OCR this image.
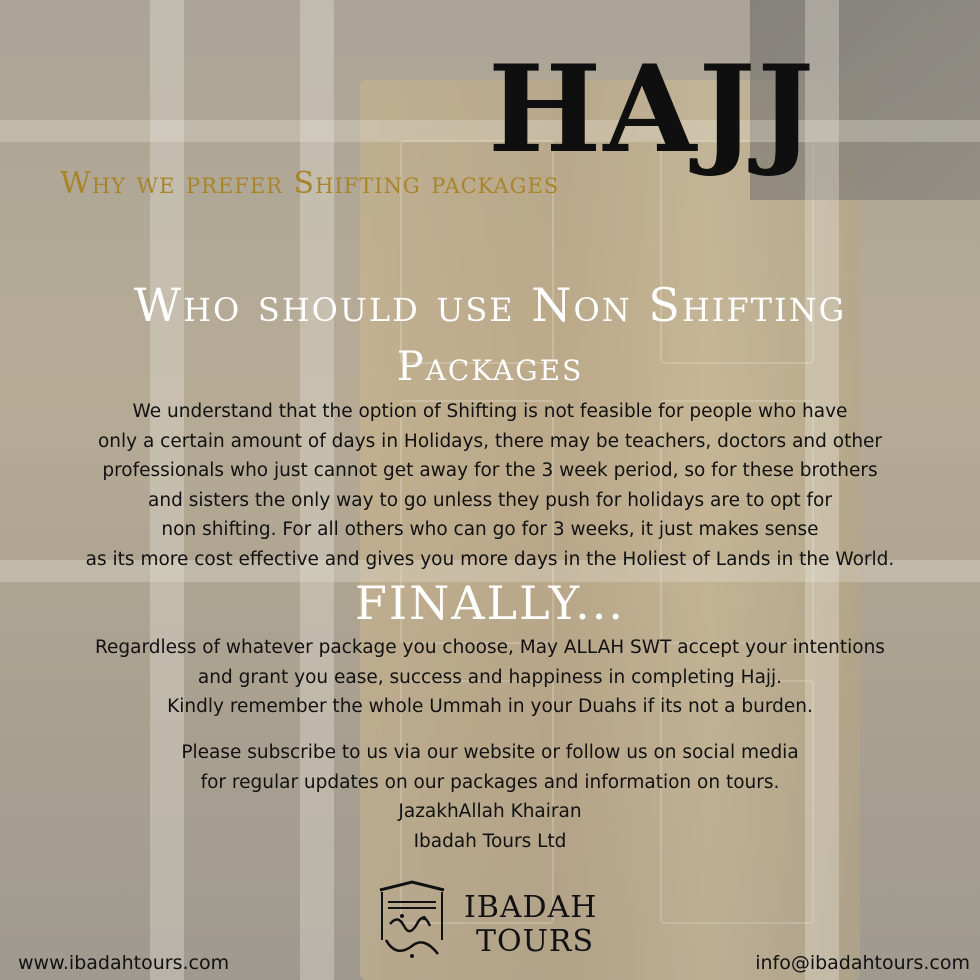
HAJJ
Why we prefer Shifting packages
Who should use Non Shifting
Packages
We understand that the option of Shifting is not feasible for people who have
only a certain amount of days in Holidays, there may be teachers, doctors and other
professionals who just cannot get away for the 3 week period, so for these brothers
and sisters the only way to go unless they push for holidays are to opt for
non shifting. For all others who can go for 3 weeks, it just makes sense
as its more cost effective and gives you more days in the Holiest of Lands in the World.
FINALLY...
Regardless of whatever package you choose, May ALLAH SWT accept your intentions
and grant you ease, success and happiness in completing Hajj.
Kindly remember the whole Ummah in your Duahs if its not a burden.
Please subscribe to us via our website or follow us on social media
for regular updates on our packages and information on tours.
JazakhAllah Khairan
Ibadah Tours Ltd
IBADAH
TOURS
www.ibadahtours.com	info@ibadahtours.com
